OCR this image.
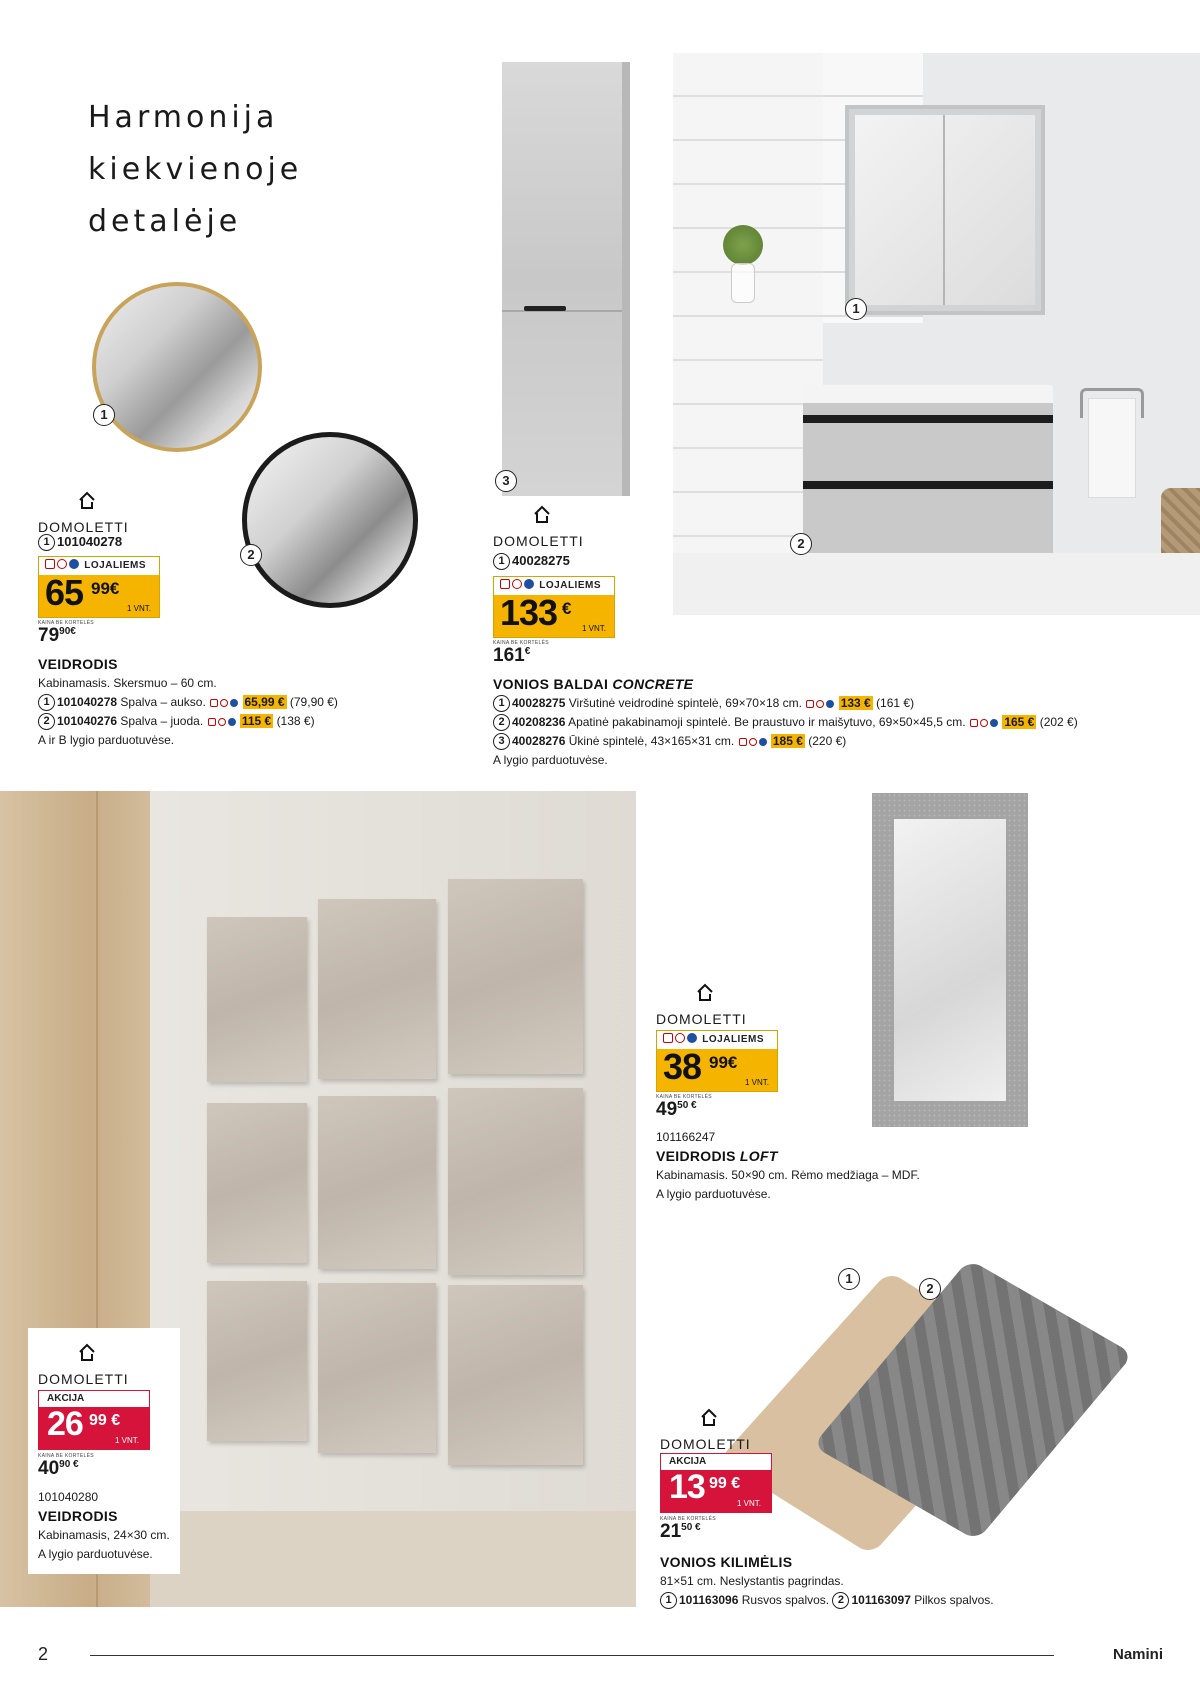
Harmonija kiekvienoje
detalėje
1
2
3
1
2
DOMOLETTI
1 101040278
LOJALIEMS
65 99€
1 VNT.
KAINA BE KORTELĖS
$79^{90€}$
VEIDRODIS
Kabinamasis. Skersmuo – 60 cm.
1 101040278 Spalva – aukso.	65,99 € (79,90 €)
2 101040276 Spalva – juoda.	115 € (138 €)
A ir B lygio parduotuvėse.
DOMOLETTI
1 40028275
LOJALIEMS
133 €
1 VNT.
KAINA BE KORTELĖS
161€
VONIOS BALDAI CONCRETE
1 40028275 Viršutinė veidrodinė spintelė, 69×70×18 cm.	133 € (161 €)
2 40208236 Apatinė pakabinamoji spintelė. Be praustuvo ir maišytuvo, 69×50×45,5 cm.	165 € (202 €)
3 40028276 Ūkinė spintelė, 43×165×31 cm.	185 € (220 €)
A lygio parduotuvėse.
DOMOLETTI
AKCIJA
26 99 €
1 VNT.
KAINA BE KORTELĖS
$40^{90 €}$
101040280
VEIDRODIS
Kabinamasis, 24×30 cm.
A lygio parduotuvėse.
DOMOLETTI
LOJALIEMS
38 99€
1 VNT.
KAINA BE KORTELĖS
$49^{50 €}$
101166247
VEIDRODIS LOFT
Kabinamasis. 50×90 cm. Rėmo medžiaga – MDF.
A lygio parduotuvėse.
1
2
DOMOLETTI
AKCIJA
13 99 €
1 VNT.
KAINA BE KORTELĖS
$21^{50 €}$
VONIOS KILIMĖLIS
81×51 cm. Neslystantis pagrindas.
1 101163096 Rusvos spalvos. 2 101163097 Pilkos spalvos.
2	Namini
